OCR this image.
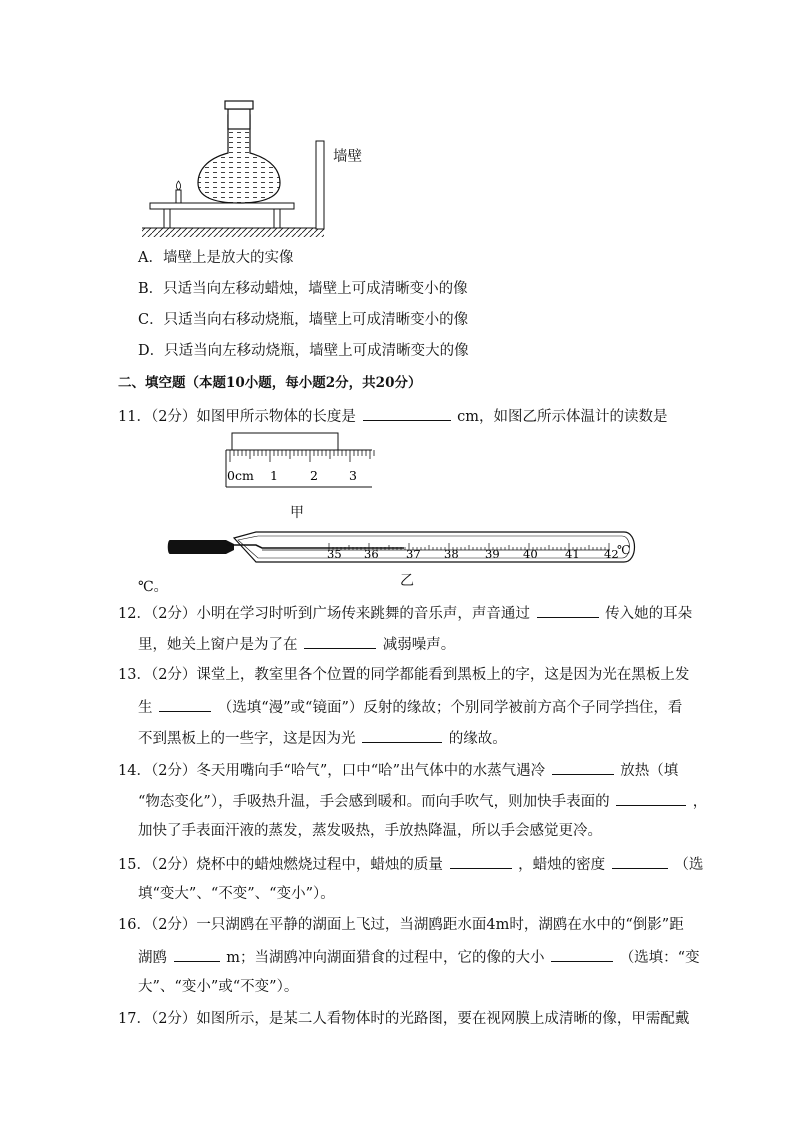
墙壁
A．墙壁上是放大的实像
B．只适当向左移动蜡烛，墙壁上可成清晰变小的像
C．只适当向右移动烧瓶，墙壁上可成清晰变小的像
D．只适当向左移动烧瓶，墙壁上可成清晰变大的像
二、填空题（本题10小题，每小题2分，共20分）
11．（2分）如图甲所示物体的长度是	cm，如图乙所示体温计的读数是
0cm 1	2 3
甲
35 36 37 38 39 40 41 42
℃
℃。	乙
12．（2分）小明在学习时听到广场传来跳舞的音乐声，声音通过	传入她的耳朵
里，她关上窗户是为了在	减弱噪声。
13．（2分）课堂上，教室里各个位置的同学都能看到黑板上的字，这是因为光在黑板上发
生	（选填“漫”或“镜面”）反射的缘故；个别同学被前方高个子同学挡住，看
不到黑板上的一些字，这是因为光	的缘故。
14．（2分）冬天用嘴向手“哈气”，口中“哈”出气体中的水蒸气遇冷	放热（填
“物态变化”），手吸热升温，手会感到暖和。而向手吹气，则加快手表面的	，
加快了手表面汗液的蒸发，蒸发吸热，手放热降温，所以手会感觉更冷。
15．（2分）烧杯中的蜡烛燃烧过程中，蜡烛的质量	，蜡烛的密度	（选
填“变大”、“不变”、“变小”）。
16．（2分）一只湖鸥在平静的湖面上飞过，当湖鸥距水面4m时，湖鸥在水中的“倒影”距
湖鸥	m；当湖鸥冲向湖面猎食的过程中，它的像的大小	（选填：“变
大”、“变小”或“不变”）。
17．（2分）如图所示，是某二人看物体时的光路图，要在视网膜上成清晰的像，甲需配戴
